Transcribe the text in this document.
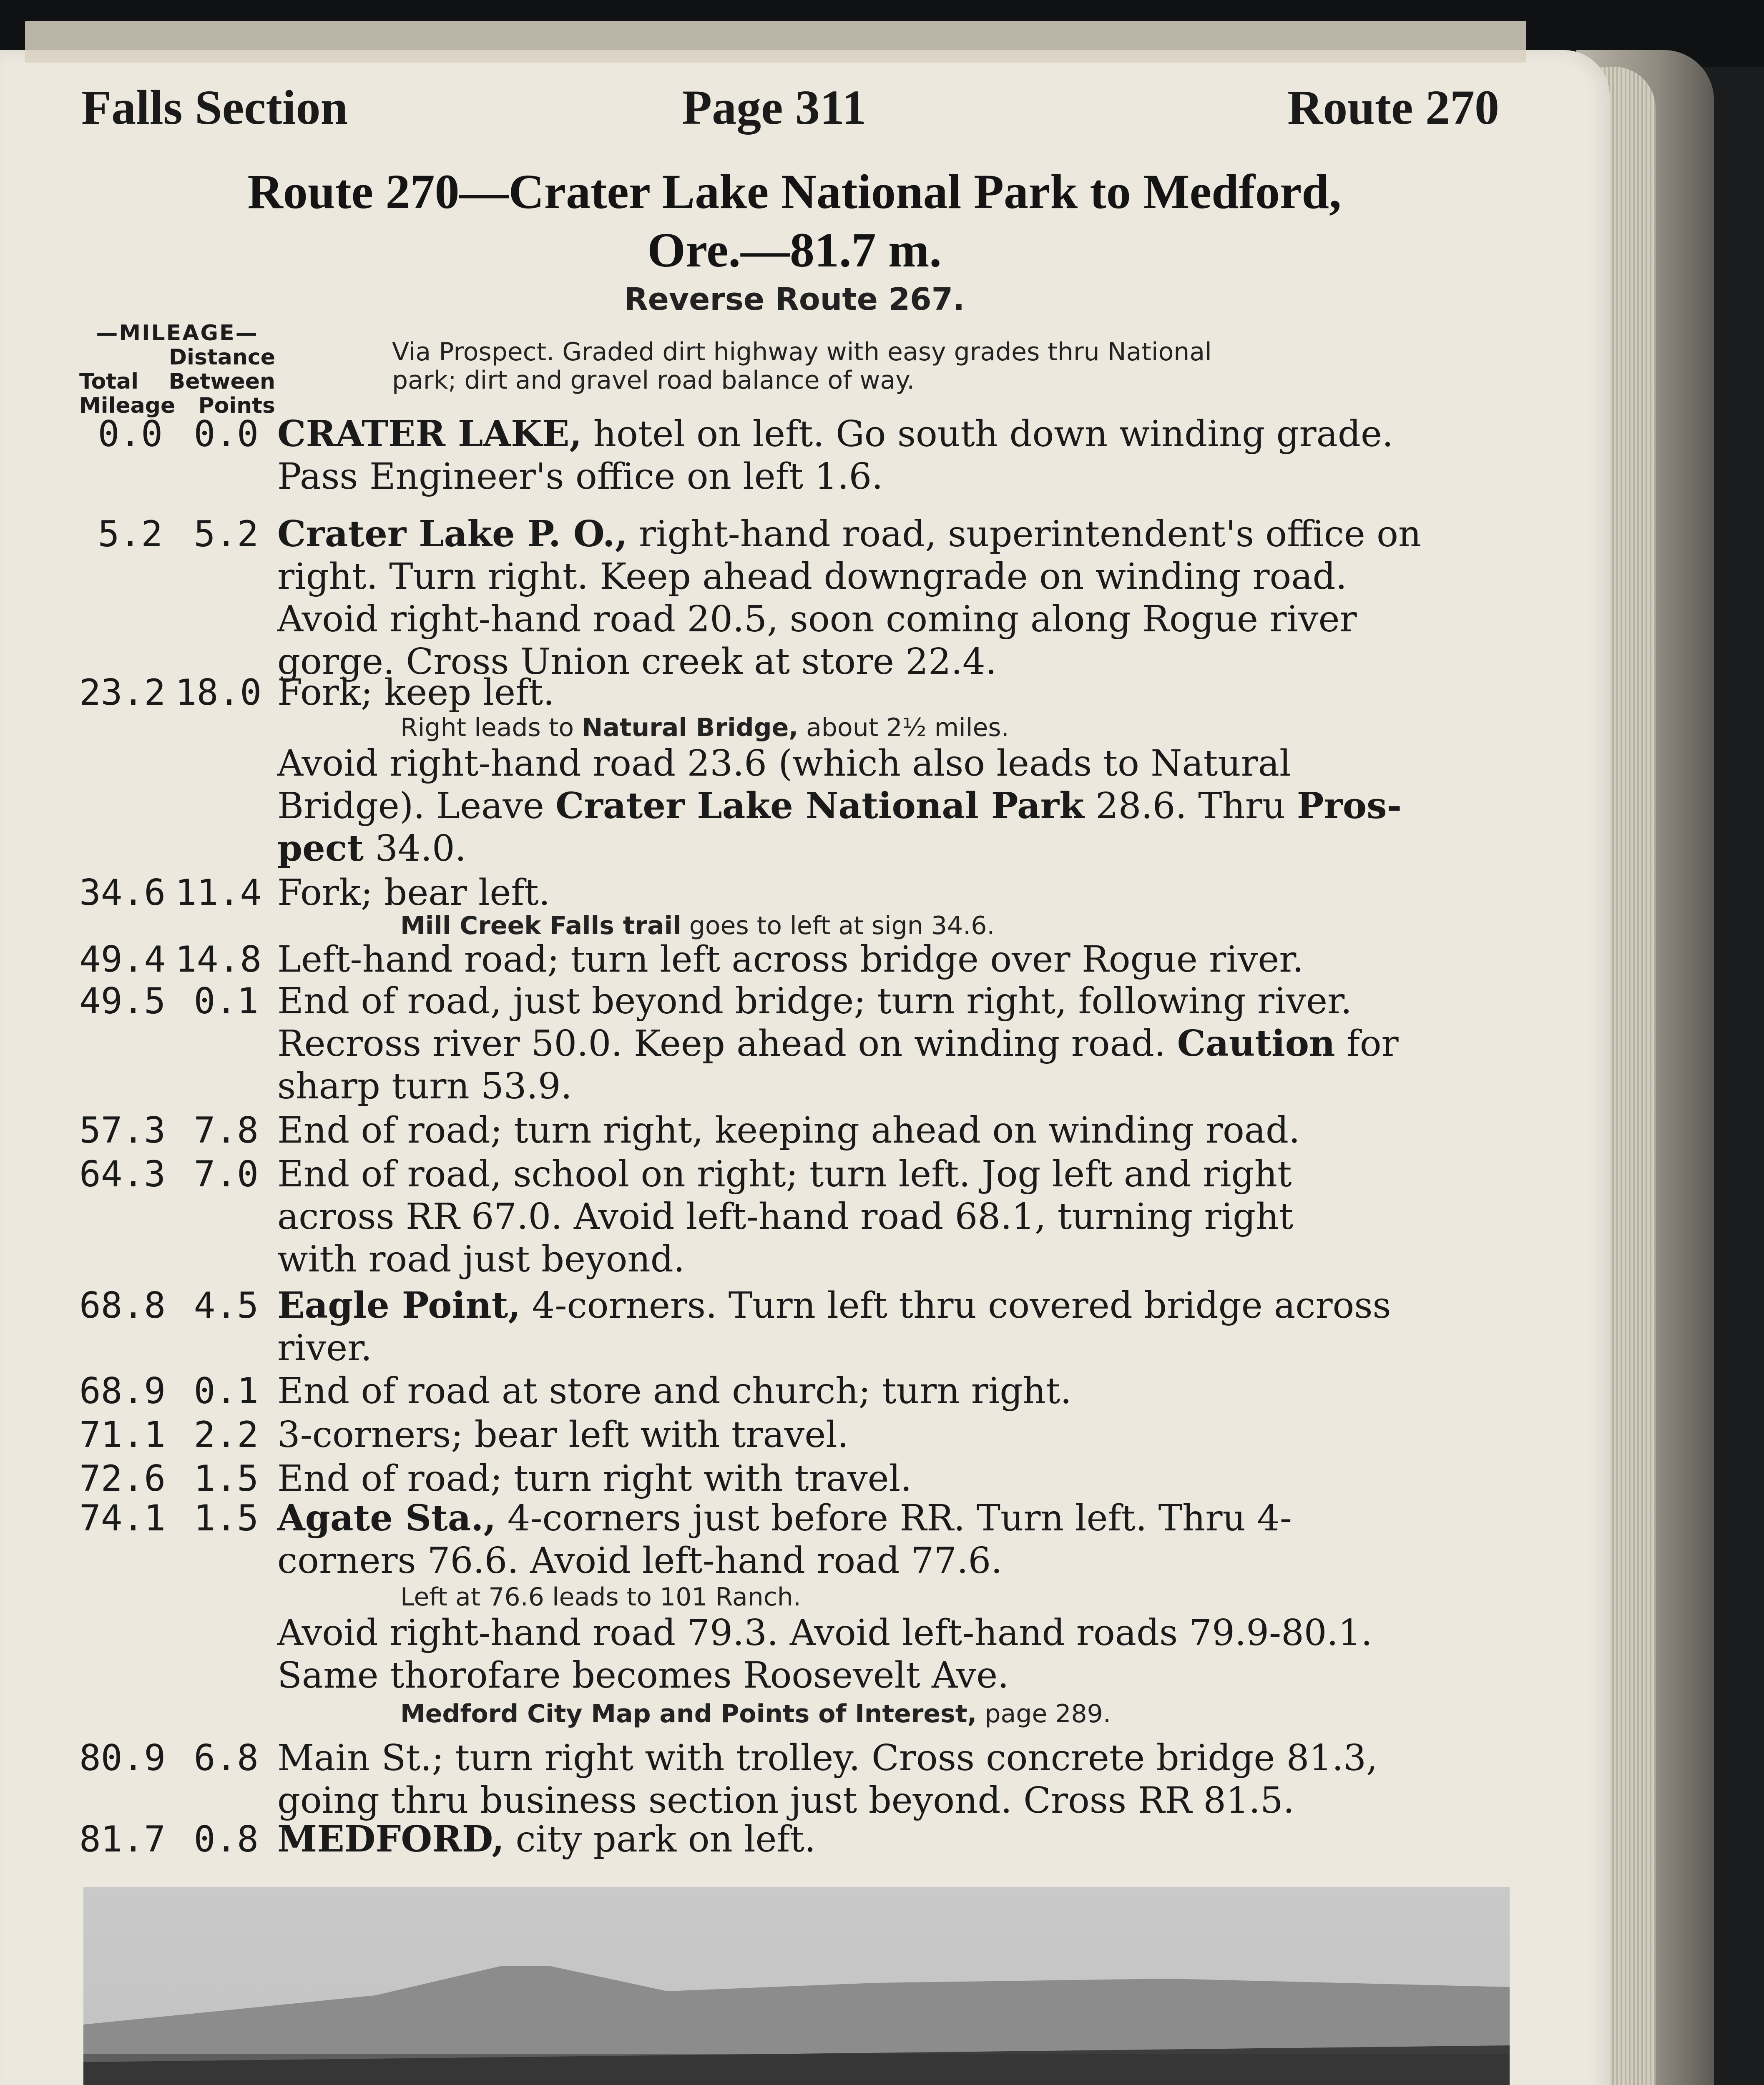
Falls Section	Page 311	Route 270
Route 270—Crater Lake National Park to Medford,
Ore.—81.7 m.
Reverse Route 267.
—MILEAGE—
Distance
Total Between
Mileage Points
Via Prospect. Graded dirt highway with easy grades thru National
park; dirt and gravel road balance of way.
0.0 0.0 CRATER LAKE, hotel on left. Go south down winding grade.
Pass Engineer's office on left 1.6.
5.2 5.2 Crater Lake P. O., right-hand road, superintendent's office on
right. Turn right. Keep ahead downgrade on winding road.
Avoid right-hand road 20.5, soon coming along Rogue river
gorge. Cross Union creek at store 22.4.
23.2 18.0 Fork; keep left.
34.6 11.4 Fork; bear left.
49.4 14.8 Left-hand road; turn left across bridge over Rogue river.
49.5 0.1 End of road, just beyond bridge; turn right, following river.
Recross river 50.0. Keep ahead on winding road. Caution for
sharp turn 53.9.
57.3 7.8 End of road; turn right, keeping ahead on winding road.
64.3 7.0 End of road, school on right; turn left. Jog left and right
across RR 67.0. Avoid left-hand road 68.1, turning right
with road just beyond.
68.8 4.5 Eagle Point, 4-corners. Turn left thru covered bridge across
river.
68.9 0.1 End of road at store and church; turn right.
71.1 2.2 3-corners; bear left with travel.
72.6 1.5 End of road; turn right with travel.
74.1 1.5 Agate Sta., 4-corners just before RR. Turn left. Thru 4-
corners 76.6. Avoid left-hand road 77.6.
80.9 6.8 Main St.; turn right with trolley. Cross concrete bridge 81.3,
going thru business section just beyond. Cross RR 81.5.
81.7 0.8 MEDFORD, city park on left.
Right leads to Natural Bridge, about 2½ miles.
Avoid right-hand road 23.6 (which also leads to Natural
Bridge). Leave Crater Lake National Park 28.6. Thru Pros-
pect 34.0.
Mill Creek Falls trail goes to left at sign 34.6.
Left at 76.6 leads to 101 Ranch.
Avoid right-hand road 79.3. Avoid left-hand roads 79.9-80.1.
Same thorofare becomes Roosevelt Ave.
Medford City Map and Points of Interest, page 289.
